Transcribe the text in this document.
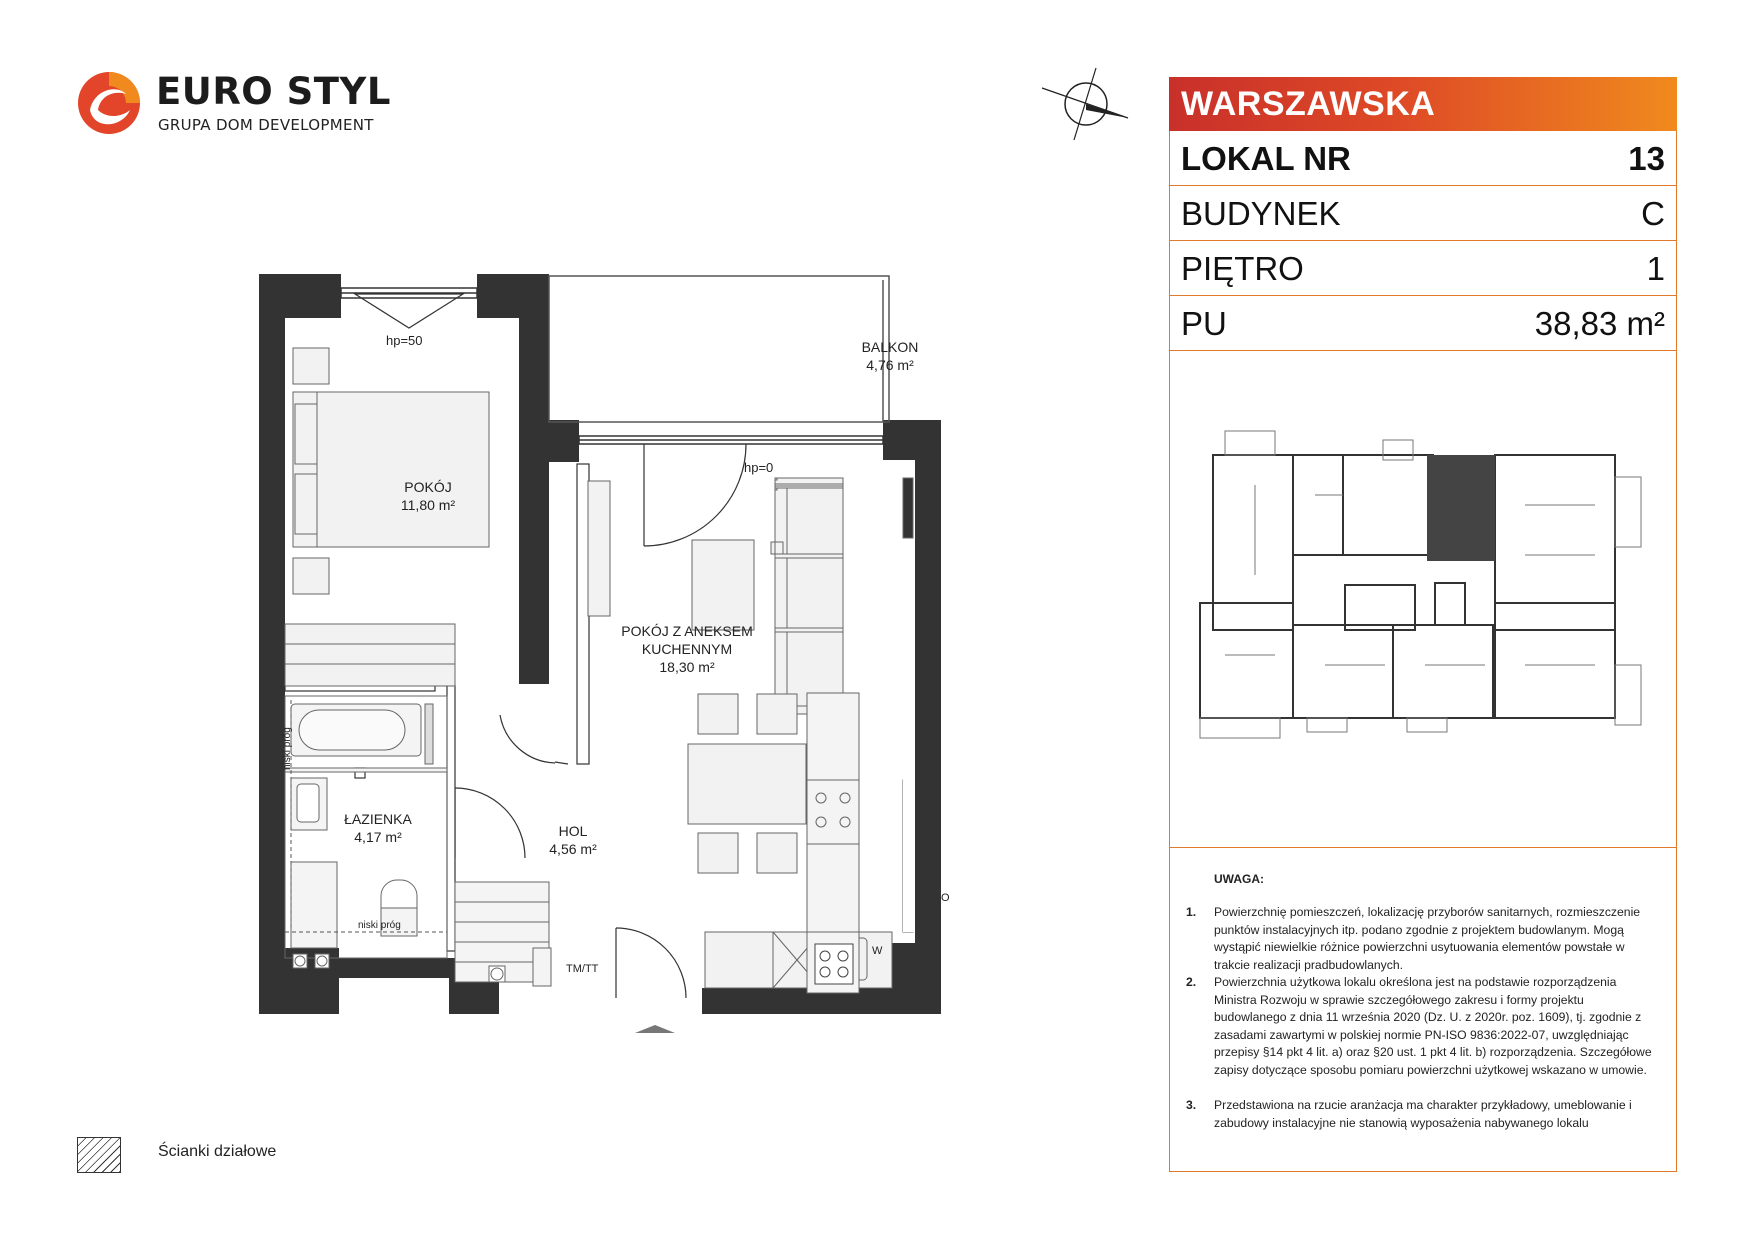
EURO STYL
GRUPA DOM DEVELOPMENT
WARSZAWSKA
LOKAL NR	13
BUDYNEK	C
PIĘTRO	1
PU	38,83 m²
UWAGA:
1. Powierzchnię pomieszczeń, lokalizację przyborów sanitarnych, rozmieszczenie punktów instalacyjnych itp. podano zgodnie z projektem budowlanym. Mogą wystąpić niewielkie różnice powierzchni usytuowania elementów powstałe w trakcie realizacji pradbudowlanych.
2. Powierzchnia użytkowa lokalu określona jest na podstawie rozporządzenia Ministra Rozwoju w sprawie szczegółowego zakresu i formy projektu budowlanego z dnia 11 września 2020 (Dz. U. z 2020r. poz. 1609), tj. zgodnie z zasadami zawartymi w polskiej normie PN-ISO 9836:2022-07, uwzględniając przepisy §14 pkt 4 lit. a) oraz §20 ust. 1 pkt 4 lit. b) rozporządzenia. Szczegółowe zapisy dotyczące sposobu pomiaru powierzchni użytkowej wskazano w umowie.
3. Przedstawiona na rzucie aranżacja ma charakter przykładowy, umeblowanie i zabudowy instalacyjne nie stanowią wyposażenia nabywanego lokalu
Ścianki działowe
BALKON
4,76 m²
POKÓJ
11,80 m²
POKÓJ Z ANEKSEM
KUCHENNYM
18,30 m²
ŁAZIENKA
4,17 m²	HOL
4,56 m²
hp=50
hp=0
niski próg
niski próg
TM/TT
W
O
